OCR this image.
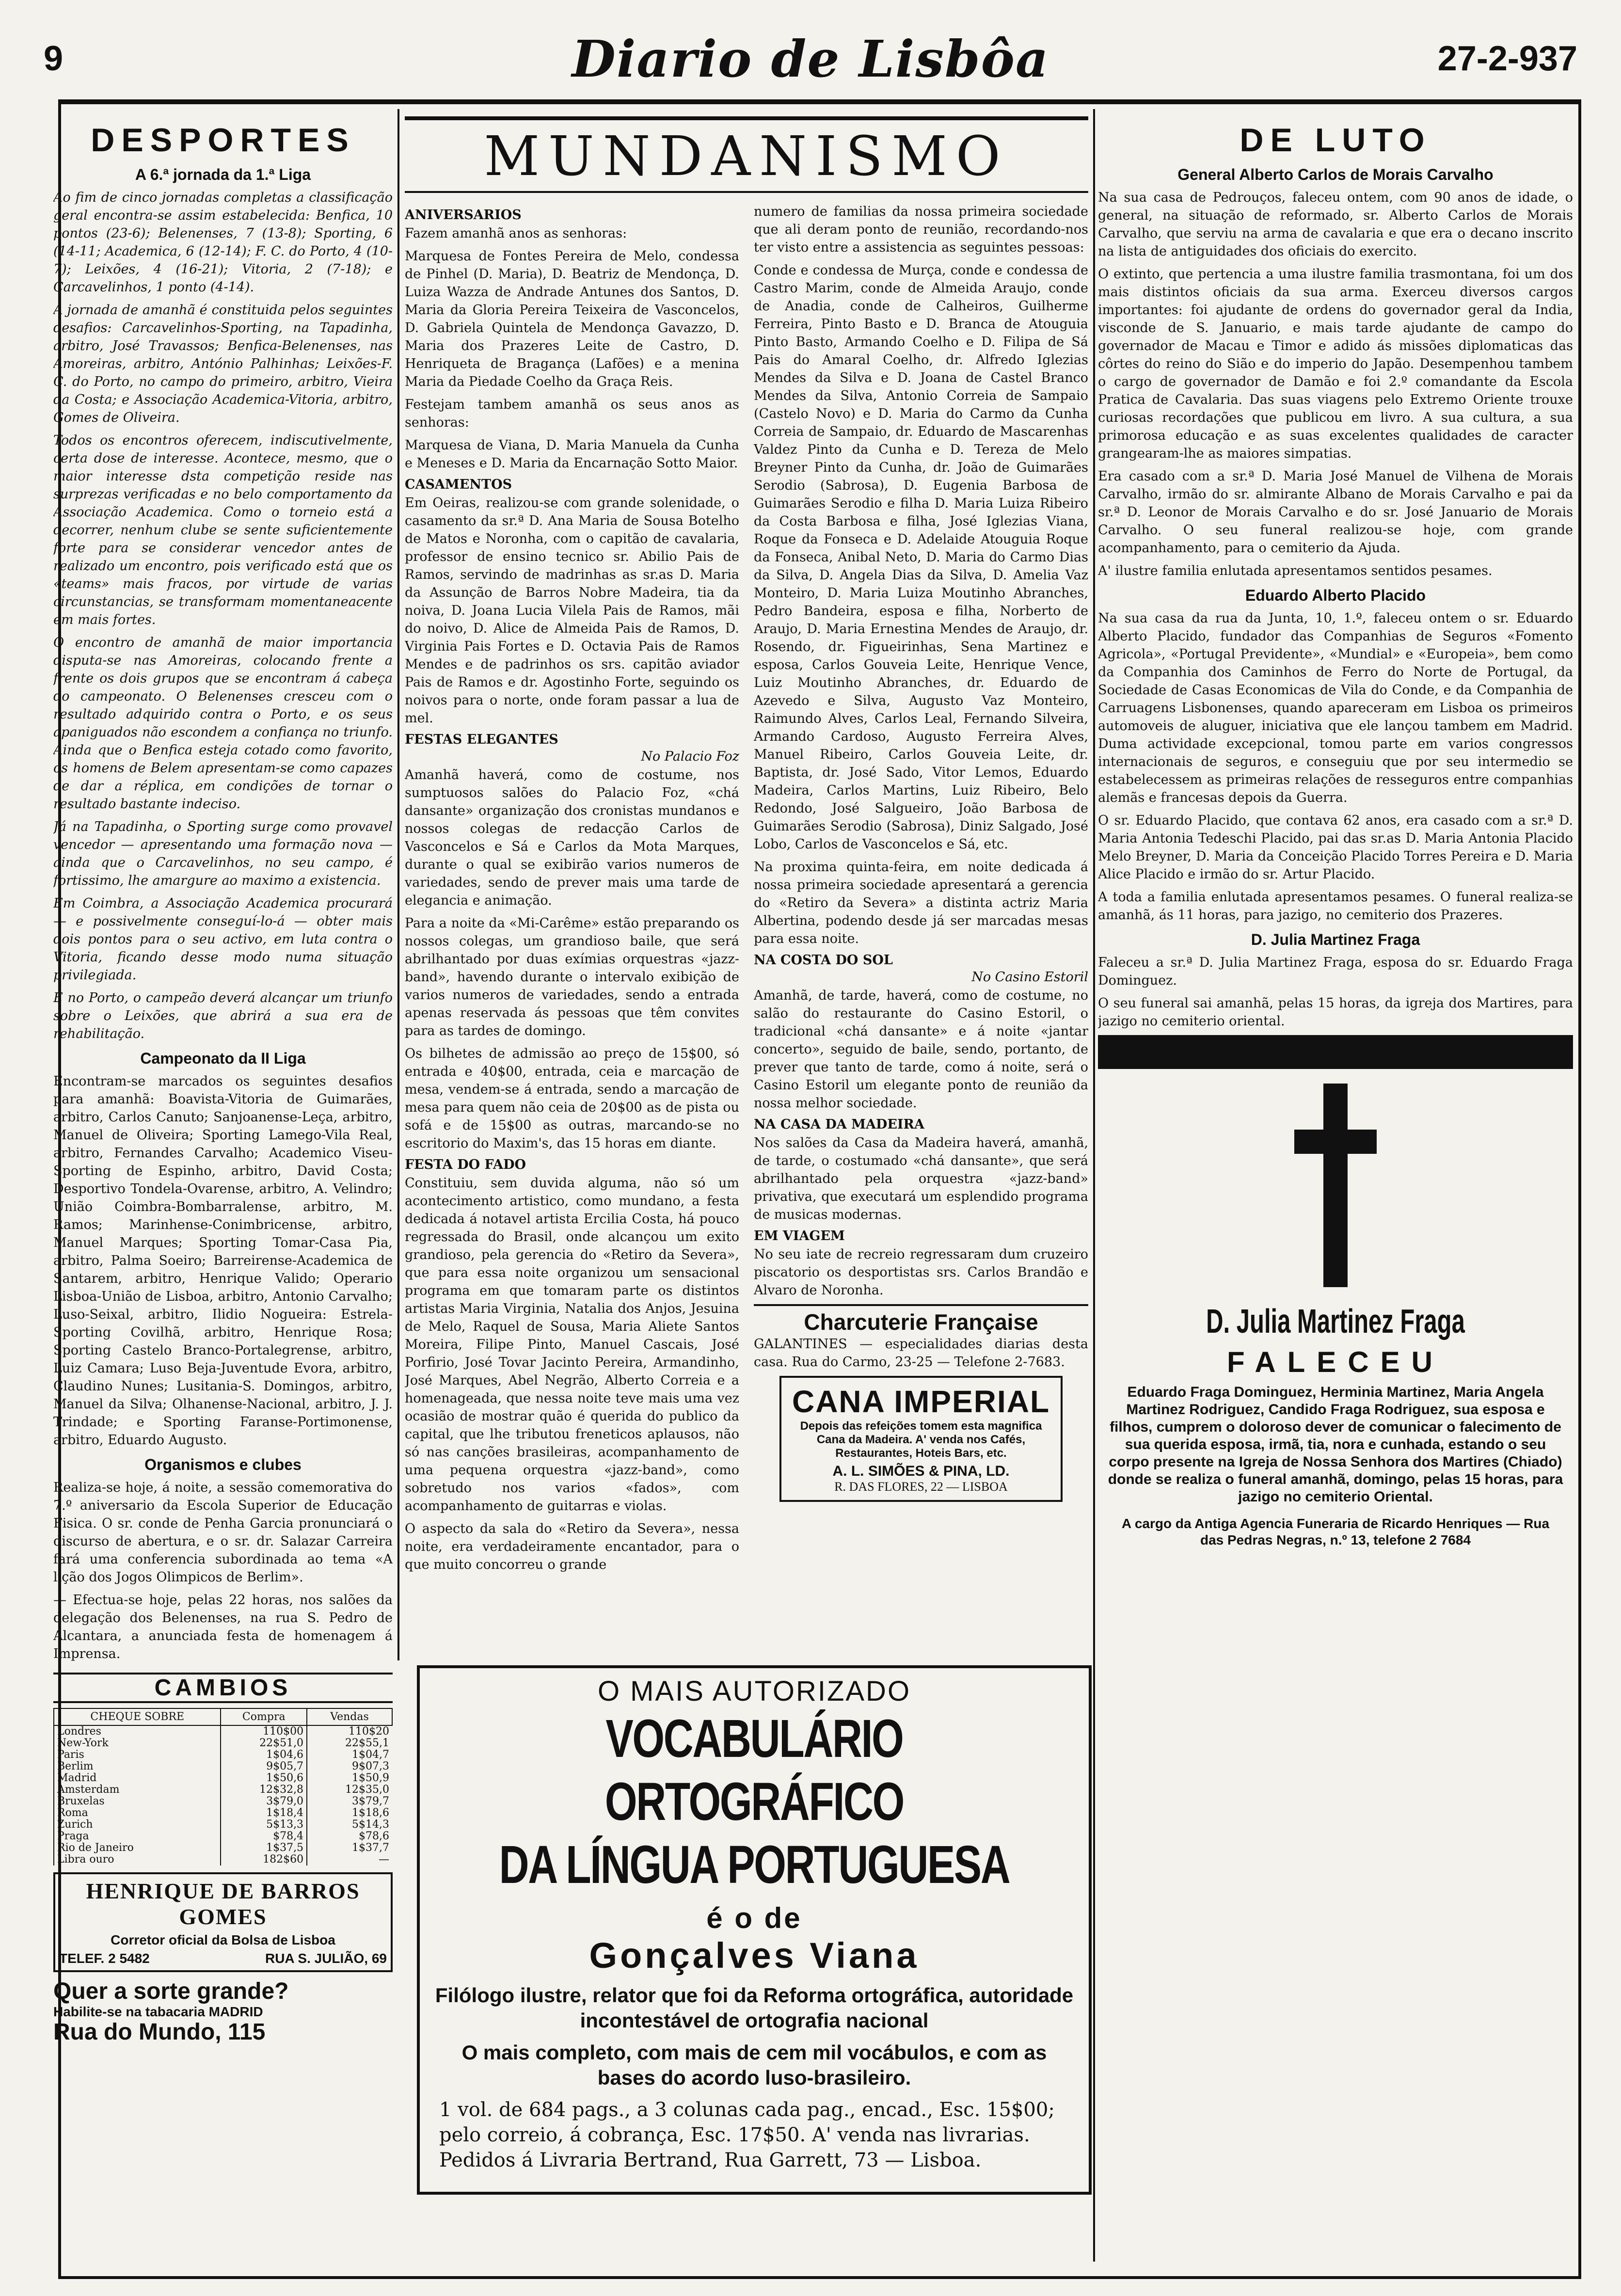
9	Diario de Lisbôa	27-2-937
DESPORTES
A 6.ª jornada da 1.ª Liga

Ao fim de cinco jornadas completas a classificação geral encontra-se assim estabelecida: Benfica, 10 pontos (23-6); Belenenses, 7 (13-8); Sporting, 6 (14-11; Academica, 6 (12-14); F. C. do Porto, 4 (10-7); Leixões, 4 (16-21); Vitoria, 2 (7-18); e Carcavelinhos, 1 ponto (4-14).

A jornada de amanhã é constituida pelos seguintes desafios: Carcavelinhos-Sporting, na Tapadinha, arbitro, José Travassos; Benfica-Belenenses, nas Amoreiras, arbitro, António Palhinhas; Leixões-F. C. do Porto, no campo do primeiro, arbitro, Vieira da Costa; e Associação Academica-Vitoria, arbitro, Gomes de Oliveira.

Todos os encontros oferecem, indiscutivelmente, certa dose de interesse. Acontece, mesmo, que o maior interesse dsta competição reside nas surprezas verificadas e no belo comportamento da Associação Academica. Como o torneio está a decorrer, nenhum clube se sente suficientemente forte para se considerar vencedor antes de realizado um encontro, pois verificado está que os «teams» mais fracos, por virtude de varias circunstancias, se transformam momentaneacente em mais fortes.

O encontro de amanhã de maior importancia disputa-se nas Amoreiras, colocando frente a frente os dois grupos que se encontram á cabeça do campeonato. O Belenenses cresceu com o resultado adquirido contra o Porto, e os seus apaniguados não escondem a confiança no triunfo. Ainda que o Benfica esteja cotado como favorito, os homens de Belem apresentam-se como capazes de dar a réplica, em condições de tornar o resultado bastante indeciso.

Já na Tapadinha, o Sporting surge como provavel vencedor — apresentando uma formação nova — ainda que o Carcavelinhos, no seu campo, é fortissimo, lhe amargure ao maximo a existencia.

Em Coimbra, a Associação Academica procurará — e possivelmente conseguí-lo-á — obter mais dois pontos para o seu activo, em luta contra o Vitoria, ficando desse modo numa situação privilegiada.

E no Porto, o campeão deverá alcançar um triunfo sobre o Leixões, que abrirá a sua era de rehabilitação.

Campeonato da II Liga

Encontram-se marcados os seguintes desafios para amanhã: Boavista-Vitoria de Guimarães, arbitro, Carlos Canuto; Sanjoanense-Leça, arbitro, Manuel de Oliveira; Sporting Lamego-Vila Real, arbitro, Fernandes Carvalho; Academico Viseu-Sporting de Espinho, arbitro, David Costa; Desportivo Tondela-Ovarense, arbitro, A. Velindro; União Coimbra-Bombarralense, arbitro, M. Ramos; Marinhense-Conimbricense, arbitro, Manuel Marques; Sporting Tomar-Casa Pia, arbitro, Palma Soeiro; Barreirense-Academica de Santarem, arbitro, Henrique Valido; Operario Lisboa-União de Lisboa, arbitro, Antonio Carvalho; Luso-Seixal, arbitro, Ilidio Nogueira: Estrela-Sporting Covilhã, arbitro, Henrique Rosa; Sporting Castelo Branco-Portalegrense, arbitro, Luiz Camara; Luso Beja-Juventude Evora, arbitro, Claudino Nunes; Lusitania-S. Domingos, arbitro, Manuel da Silva; Olhanense-Nacional, arbitro, J. J. Trindade; e Sporting Faranse-Portimonense, arbitro, Eduardo Augusto.

Organismos e clubes

Realiza-se hoje, á noite, a sessão comemorativa do 7.º aniversario da Escola Superior de Educação Fisica. O sr. conde de Penha Garcia pronunciará o discurso de abertura, e o sr. dr. Salazar Carreira fará uma conferencia subordinada ao tema «A lição dos Jogos Olimpicos de Berlim».

— Efectua-se hoje, pelas 22 horas, nos salões da delegação dos Belenenses, na rua S. Pedro de Alcantara, a anunciada festa de homenagem á Imprensa.

CAMBIOS
CHEQUE SOBRE	Compra	Vendas
Londres	110$00	110$20
New-York	22$51,0	22$55,1
Paris	1$04,6	1$04,7
Berlim	9$05,7	9$07,3
Madrid	1$50,6	1$50,9
Amsterdam	12$32,8	12$35,0
Bruxelas	3$79,0	3$79,7
Roma	1$18,4	1$18,6
Zurich	5$13,3	5$14,3
Praga	$78,4	$78,6
Rio de Janeiro	1$37,5	1$37,7
Libra ouro	182$60	—
HENRIQUE DE BARROS GOMES
Corretor oficial da Bolsa de Lisboa
TELEF. 2 5482	RUA S. JULIÃO, 69
Quer a sorte grande?
Habilite-se na tabacaria MADRID
Rua do Mundo, 115
MUNDANISMO
ANIVERSARIOS

Fazem amanhã anos as senhoras:

Marquesa de Fontes Pereira de Melo, condessa de Pinhel (D. Maria), D. Beatriz de Mendonça, D. Luiza Wazza de Andrade Antunes dos Santos, D. Maria da Gloria Pereira Teixeira de Vasconcelos, D. Gabriela Quintela de Mendonça Gavazzo, D. Maria dos Prazeres Leite de Castro, D. Henriqueta de Bragança (Lafões) e a menina Maria da Piedade Coelho da Graça Reis.

Festejam tambem amanhã os seus anos as senhoras:

Marquesa de Viana, D. Maria Manuela da Cunha e Meneses e D. Maria da Encarnação Sotto Maior.

CASAMENTOS

Em Oeiras, realizou-se com grande solenidade, o casamento da sr.ª D. Ana Maria de Sousa Botelho de Matos e Noronha, com o capitão de cavalaria, professor de ensino tecnico sr. Abilio Pais de Ramos, servindo de madrinhas as sr.as D. Maria da Assunção de Barros Nobre Madeira, tia da noiva, D. Joana Lucia Vilela Pais de Ramos, mãi do noivo, D. Alice de Almeida Pais de Ramos, D. Virginia Pais Fortes e D. Octavia Pais de Ramos Mendes e de padrinhos os srs. capitão aviador Pais de Ramos e dr. Agostinho Forte, seguindo os noivos para o norte, onde foram passar a lua de mel.

FESTAS ELEGANTES
No Palacio Foz

Amanhã haverá, como de costume, nos sumptuosos salões do Palacio Foz, «chá dansante» organização dos cronistas mundanos e nossos colegas de redacção Carlos de Vasconcelos e Sá e Carlos da Mota Marques, durante o qual se exibirão varios numeros de variedades, sendo de prever mais uma tarde de elegancia e animação.

Para a noite da «Mi-Carême» estão preparando os nossos colegas, um grandioso baile, que será abrilhantado por duas exímias orquestras «jazz-band», havendo durante o intervalo exibição de varios numeros de variedades, sendo a entrada apenas reservada ás pessoas que têm convites para as tardes de domingo.

Os bilhetes de admissão ao preço de 15$00, só entrada e 40$00, entrada, ceia e marcação de mesa, vendem-se á entrada, sendo a marcação de mesa para quem não ceia de 20$00 as de pista ou sofá e de 15$00 as outras, marcando-se no escritorio do Maxim's, das 15 horas em diante.

FESTA DO FADO

Constituiu, sem duvida alguma, não só um acontecimento artistico, como mundano, a festa dedicada á notavel artista Ercilia Costa, há pouco regressada do Brasil, onde alcançou um exito grandioso, pela gerencia do «Retiro da Severa», que para essa noite organizou um sensacional programa em que tomaram parte os distintos artistas Maria Virginia, Natalia dos Anjos, Jesuina de Melo, Raquel de Sousa, Maria Aliete Santos Moreira, Filipe Pinto, Manuel Cascais, José Porfirio, José Tovar Jacinto Pereira, Armandinho, José Marques, Abel Negrão, Alberto Correia e a homenageada, que nessa noite teve mais uma vez ocasião de mostrar quão é querida do publico da capital, que lhe tributou freneticos aplausos, não só nas canções brasileiras, acompanhamento de uma pequena orquestra «jazz-band», como sobretudo nos varios «fados», com acompanhamento de guitarras e violas.

O aspecto da sala do «Retiro da Severa», nessa noite, era verdadeiramente encantador, para o que muito concorreu o grande

numero de familias da nossa primeira sociedade que ali deram ponto de reunião, recordando-nos ter visto entre a assistencia as seguintes pessoas:

Conde e condessa de Murça, conde e condessa de Castro Marim, conde de Almeida Araujo, conde de Anadia, conde de Calheiros, Guilherme Ferreira, Pinto Basto e D. Branca de Atouguia Pinto Basto, Armando Coelho e D. Filipa de Sá Pais do Amaral Coelho, dr. Alfredo Iglezias Mendes da Silva e D. Joana de Castel Branco Mendes da Silva, Antonio Correia de Sampaio (Castelo Novo) e D. Maria do Carmo da Cunha Correia de Sampaio, dr. Eduardo de Mascarenhas Valdez Pinto da Cunha e D. Tereza de Melo Breyner Pinto da Cunha, dr. João de Guimarães Serodio (Sabrosa), D. Eugenia Barbosa de Guimarães Serodio e filha D. Maria Luiza Ribeiro da Costa Barbosa e filha, José Iglezias Viana, Roque da Fonseca e D. Adelaide Atouguia Roque da Fonseca, Anibal Neto, D. Maria do Carmo Dias da Silva, D. Angela Dias da Silva, D. Amelia Vaz Monteiro, D. Maria Luiza Moutinho Abranches, Pedro Bandeira, esposa e filha, Norberto de Araujo, D. Maria Ernestina Mendes de Araujo, dr. Rosendo, dr. Figueirinhas, Sena Martinez e esposa, Carlos Gouveia Leite, Henrique Vence, Luiz Moutinho Abranches, dr. Eduardo de Azevedo e Silva, Augusto Vaz Monteiro, Raimundo Alves, Carlos Leal, Fernando Silveira, Armando Cardoso, Augusto Ferreira Alves, Manuel Ribeiro, Carlos Gouveia Leite, dr. Baptista, dr. José Sado, Vitor Lemos, Eduardo Madeira, Carlos Martins, Luiz Ribeiro, Belo Redondo, José Salgueiro, João Barbosa de Guimarães Serodio (Sabrosa), Diniz Salgado, José Lobo, Carlos de Vasconcelos e Sá, etc.

Na proxima quinta-feira, em noite dedicada á nossa primeira sociedade apresentará a gerencia do «Retiro da Severa» a distinta actriz Maria Albertina, podendo desde já ser marcadas mesas para essa noite.

NA COSTA DO SOL
No Casino Estoril

Amanhã, de tarde, haverá, como de costume, no salão do restaurante do Casino Estoril, o tradicional «chá dansante» e á noite «jantar concerto», seguido de baile, sendo, portanto, de prever que tanto de tarde, como á noite, será o Casino Estoril um elegante ponto de reunião da nossa melhor sociedade.

NA CASA DA MADEIRA

Nos salões da Casa da Madeira haverá, amanhã, de tarde, o costumado «chá dansante», que será abrilhantado pela orquestra «jazz-band» privativa, que executará um esplendido programa de musicas modernas.

EM VIAGEM

No seu iate de recreio regressaram dum cruzeiro piscatorio os desportistas srs. Carlos Brandão e Alvaro de Noronha.

Charcuterie Française

GALANTINES — especialidades diarias desta casa. Rua do Carmo, 23-25 — Telefone 2-7683.

CANA IMPERIAL
Depois das refeições tomem esta magnifica Cana da Madeira. A' venda nos Cafés, Restaurantes, Hoteis Bars, etc.
A. L. SIMÕES & PINA, LD.
R. DAS FLORES, 22 — LISBOA
O MAIS AUTORIZADO
VOCABULÁRIO ORTOGRÁFICO
DA LÍNGUA PORTUGUESA
é o de
Gonçalves Viana
Filólogo ilustre, relator que foi da Reforma ortográfica, autoridade incontestável de ortografia nacional
O mais completo, com mais de cem mil vocábulos, e com as bases do acordo luso-brasileiro.
1 vol. de 684 pags., a 3 colunas cada pag., encad., Esc. 15$00; pelo correio, á cobrança, Esc. 17$50. A' venda nas livrarias. Pedidos á Livraria Bertrand, Rua Garrett, 73 — Lisboa.
DE LUTO
General Alberto Carlos de Morais Carvalho

Na sua casa de Pedrouços, faleceu ontem, com 90 anos de idade, o general, na situação de reformado, sr. Alberto Carlos de Morais Carvalho, que serviu na arma de cavalaria e que era o decano inscrito na lista de antiguidades dos oficiais do exercito.

O extinto, que pertencia a uma ilustre familia trasmontana, foi um dos mais distintos oficiais da sua arma. Exerceu diversos cargos importantes: foi ajudante de ordens do governador geral da India, visconde de S. Januario, e mais tarde ajudante de campo do governador de Macau e Timor e adido ás missões diplomaticas das côrtes do reino do Sião e do imperio do Japão. Desempenhou tambem o cargo de governador de Damão e foi 2.º comandante da Escola Pratica de Cavalaria. Das suas viagens pelo Extremo Oriente trouxe curiosas recordações que publicou em livro. A sua cultura, a sua primorosa educação e as suas excelentes qualidades de caracter grangearam-lhe as maiores simpatias.

Era casado com a sr.ª D. Maria José Manuel de Vilhena de Morais Carvalho, irmão do sr. almirante Albano de Morais Carvalho e pai da sr.ª D. Leonor de Morais Carvalho e do sr. José Januario de Morais Carvalho. O seu funeral realizou-se hoje, com grande acompanhamento, para o cemiterio da Ajuda.

A' ilustre familia enlutada apresentamos sentidos pesames.

Eduardo Alberto Placido

Na sua casa da rua da Junta, 10, 1.º, faleceu ontem o sr. Eduardo Alberto Placido, fundador das Companhias de Seguros «Fomento Agricola», «Portugal Previdente», «Mundial» e «Europeia», bem como da Companhia dos Caminhos de Ferro do Norte de Portugal, da Sociedade de Casas Economicas de Vila do Conde, e da Companhia de Carruagens Lisbonenses, quando apareceram em Lisboa os primeiros automoveis de aluguer, iniciativa que ele lançou tambem em Madrid. Duma actividade excepcional, tomou parte em varios congressos internacionais de seguros, e conseguiu que por seu intermedio se estabelecessem as primeiras relações de resseguros entre companhias alemãs e francesas depois da Guerra.

O sr. Eduardo Placido, que contava 62 anos, era casado com a sr.ª D. Maria Antonia Tedeschi Placido, pai das sr.as D. Maria Antonia Placido Melo Breyner, D. Maria da Conceição Placido Torres Pereira e D. Maria Alice Placido e irmão do sr. Artur Placido.

A toda a familia enlutada apresentamos pesames. O funeral realiza-se amanhã, ás 11 horas, para jazigo, no cemiterio dos Prazeres.

D. Julia Martinez Fraga

Faleceu a sr.ª D. Julia Martinez Fraga, esposa do sr. Eduardo Fraga Dominguez.

O seu funeral sai amanhã, pelas 15 horas, da igreja dos Martires, para jazigo no cemiterio oriental.

D. Julia Martinez Fraga
FALECEU

Eduardo Fraga Dominguez, Herminia Martinez, Maria Angela Martinez Rodriguez, Candido Fraga Rodriguez, sua esposa e filhos, cumprem o doloroso dever de comunicar o falecimento de sua querida esposa, irmã, tia, nora e cunhada, estando o seu corpo presente na Igreja de Nossa Senhora dos Martires (Chiado) donde se realiza o funeral amanhã, domingo, pelas 15 horas, para jazigo no cemiterio Oriental.

A cargo da Antiga Agencia Funeraria de Ricardo Henriques — Rua das Pedras Negras, n.º 13, telefone 2 7684
